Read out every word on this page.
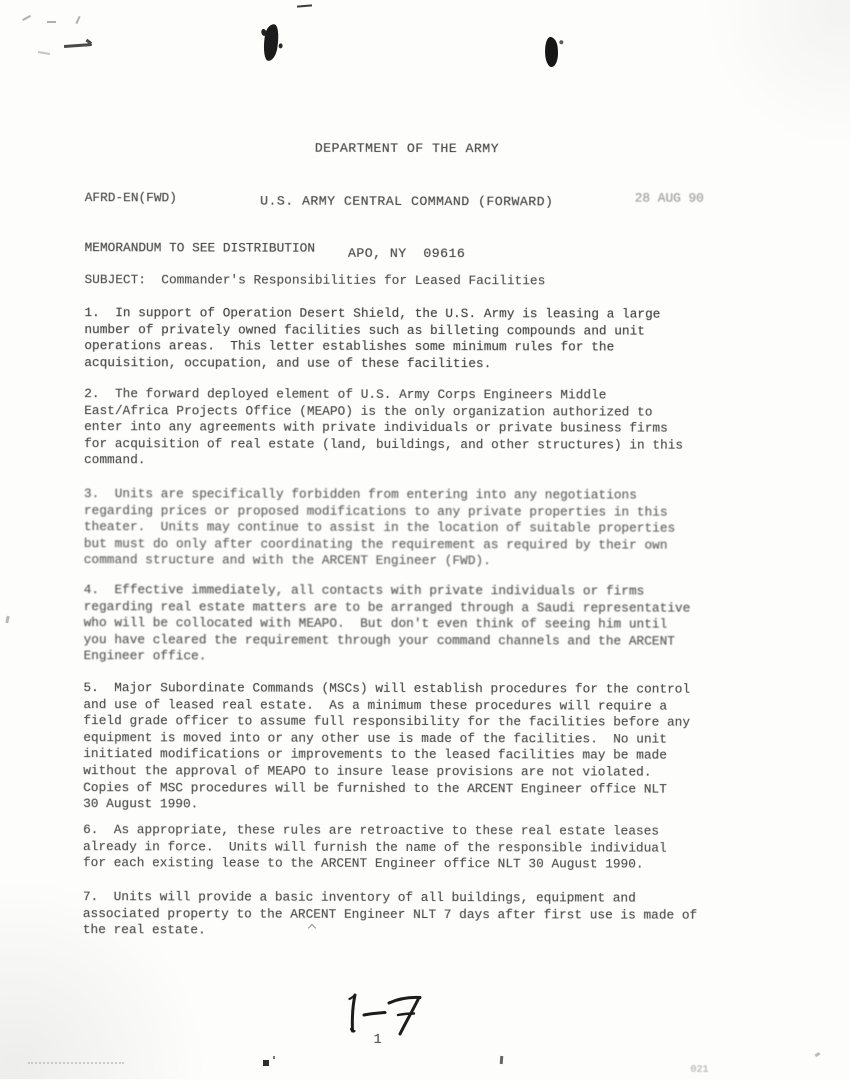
DEPARTMENT OF THE ARMY

U.S. ARMY CENTRAL COMMAND (FORWARD)

APO, NY  09616

AFRD-EN(FWD)

	28 AUG 90

MEMORANDUM TO SEE DISTRIBUTION

SUBJECT:  Commander's Responsibilities for Leased Facilities

1.  In support of Operation Desert Shield, the U.S. Army is leasing a large
number of privately owned facilities such as billeting compounds and unit
operations areas.  This letter establishes some minimum rules for the
acquisition, occupation, and use of these facilities.

2.  The forward deployed element of U.S. Army Corps Engineers Middle
East/Africa Projects Office (MEAPO) is the only organization authorized to
enter into any agreements with private individuals or private business firms
for acquisition of real estate (land, buildings, and other structures) in this
command.

3.  Units are specifically forbidden from entering into any negotiations
regarding prices or proposed modifications to any private properties in this
theater.  Units may continue to assist in the location of suitable properties
but must do only after coordinating the requirement as required by their own
command structure and with the ARCENT Engineer (FWD).

4.  Effective immediately, all contacts with private individuals or firms
regarding real estate matters are to be arranged through a Saudi representative
who will be collocated with MEAPO.  But don't even think of seeing him until
you have cleared the requirement through your command channels and the ARCENT
Engineer office.

5.  Major Subordinate Commands (MSCs) will establish procedures for the control
and use of leased real estate.  As a minimum these procedures will require a
field grade officer to assume full responsibility for the facilities before any
equipment is moved into or any other use is made of the facilities.  No unit
initiated modifications or improvements to the leased facilities may be made
without the approval of MEAPO to insure lease provisions are not violated.
Copies of MSC procedures will be furnished to the ARCENT Engineer office NLT
30 August 1990.

6.  As appropriate, these rules are retroactive to these real estate leases
already in force.  Units will furnish the name of the responsible individual
for each existing lease to the ARCENT Engineer office NLT 30 August 1990.

7.  Units will provide a basic inventory of all buildings, equipment and
associated property to the ARCENT Engineer NLT 7 days after first use is made of
the real estate.

1

021
